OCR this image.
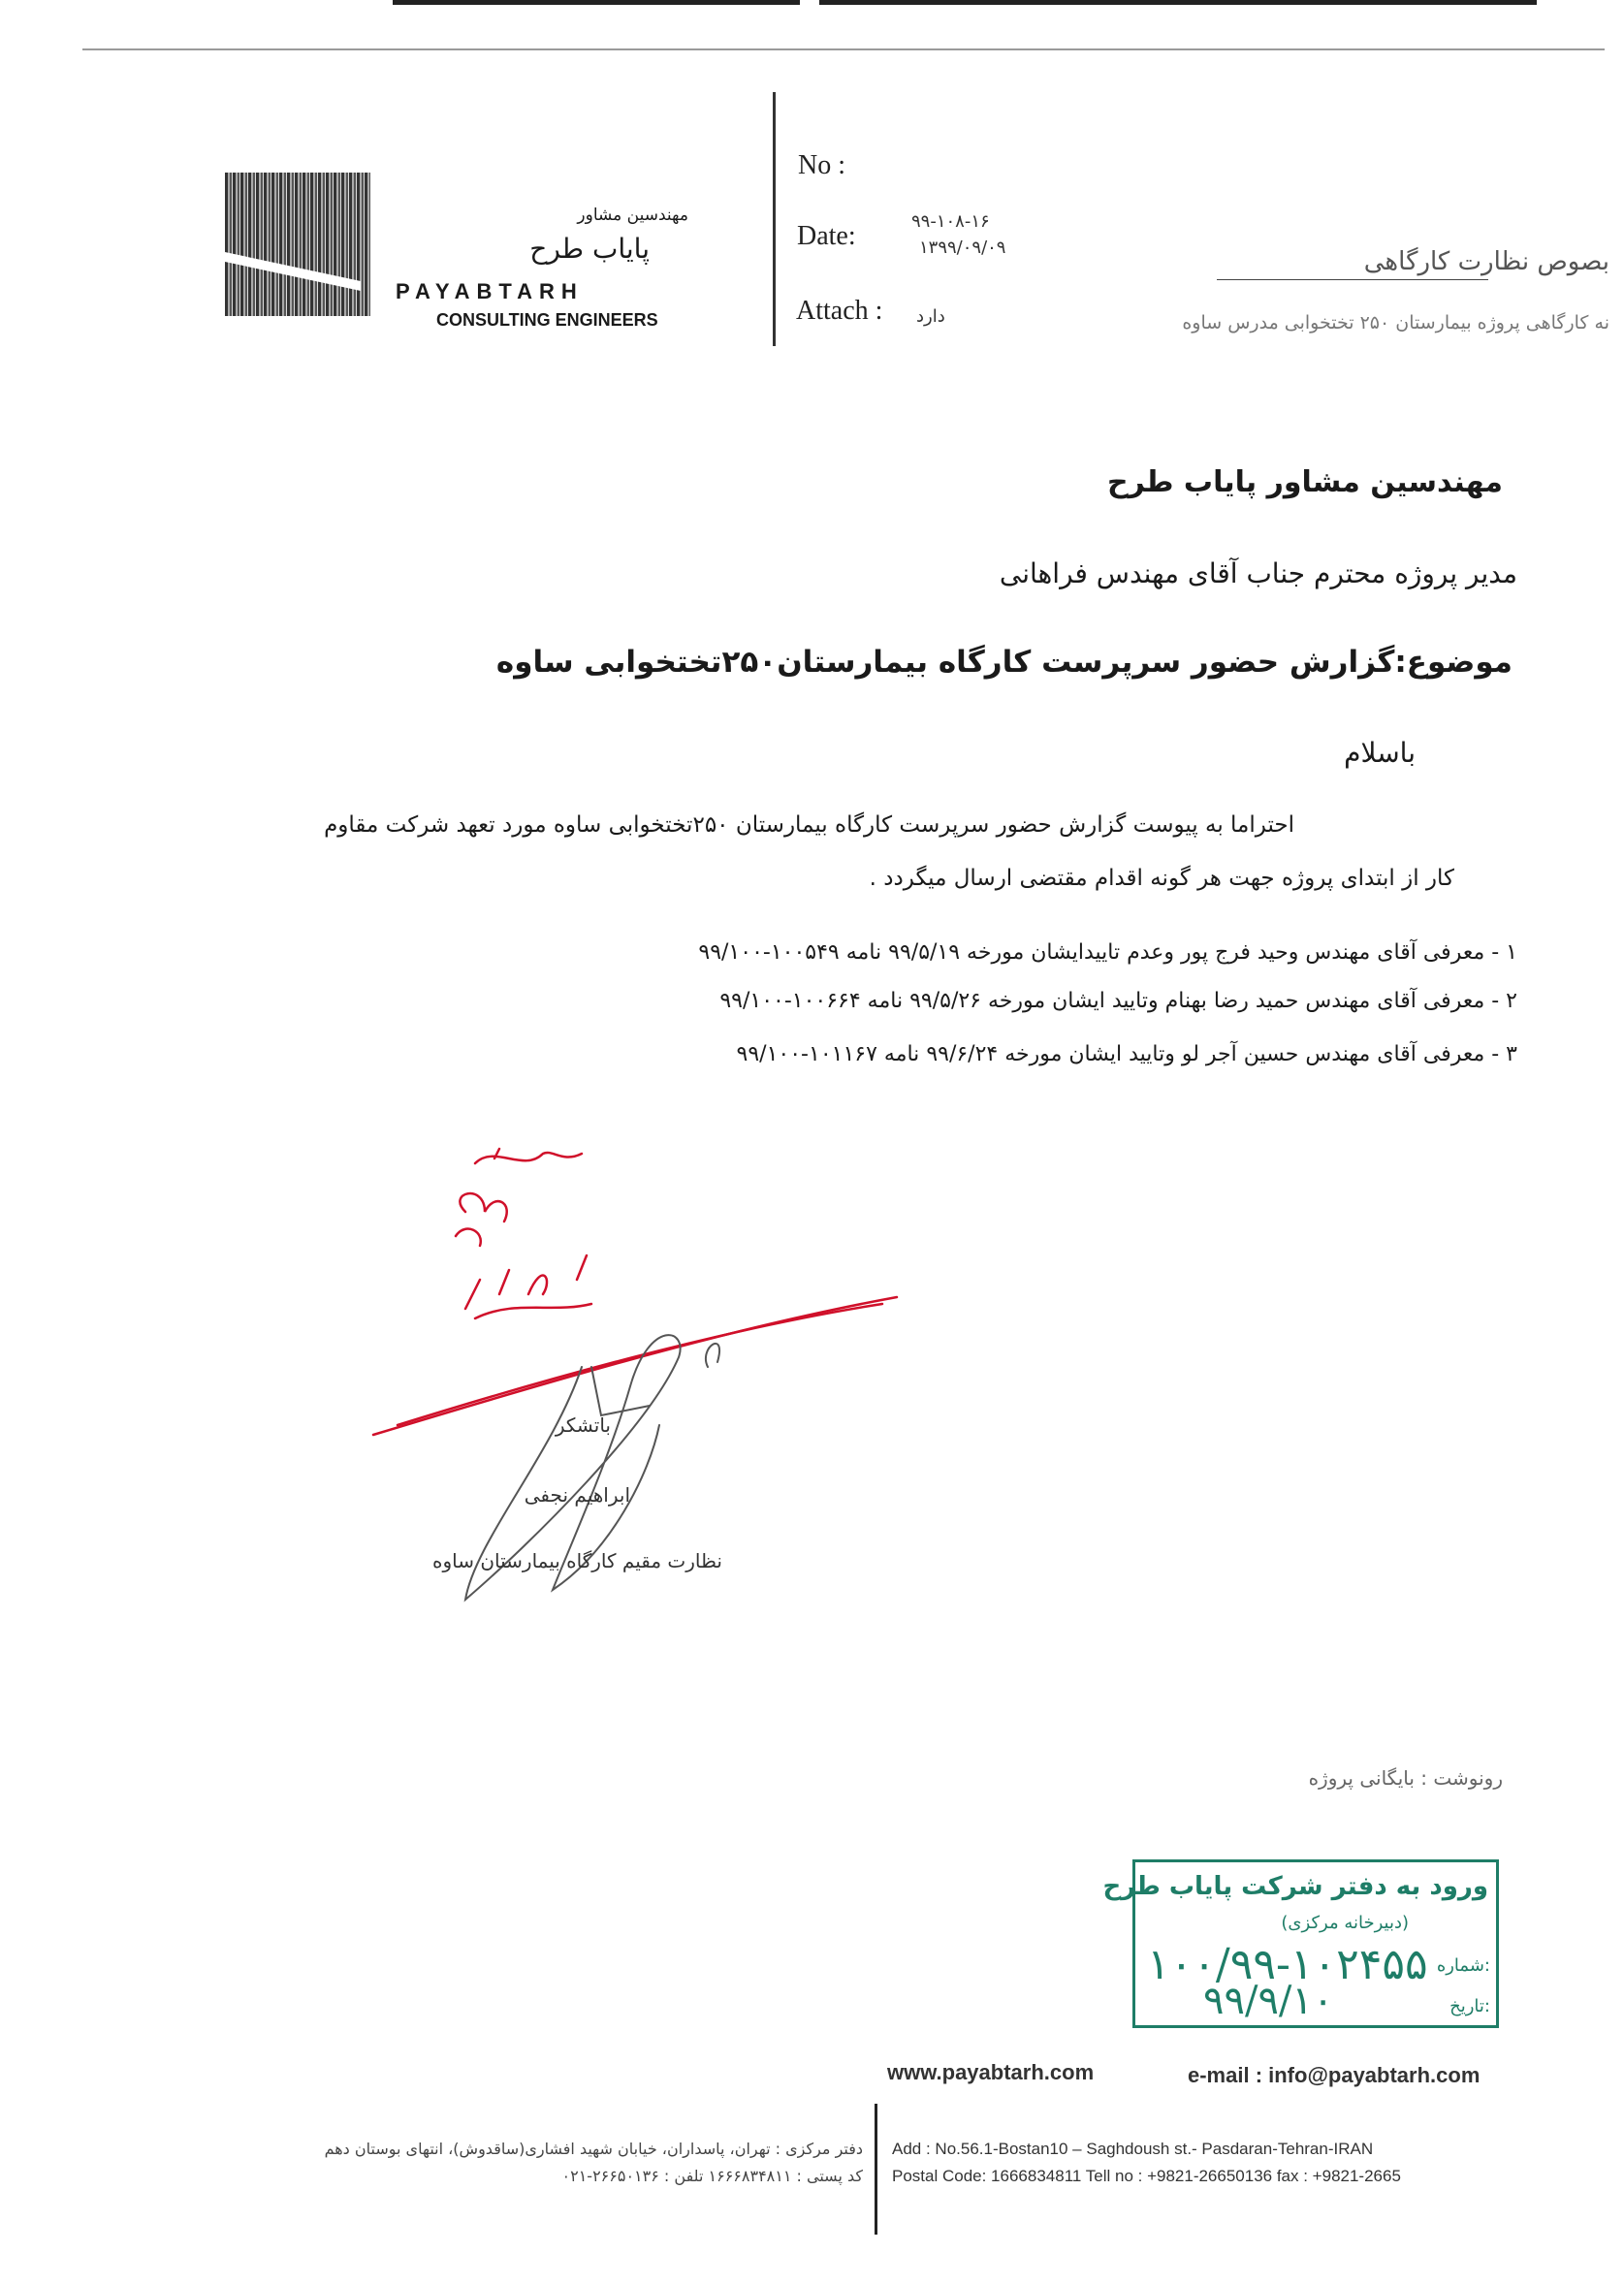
مهندسین مشاور
پایاب طرح
PAYABTARH
CONSULTING ENGINEERS
No :
Date:	۹۹-۱۰۸-۱۶
۱۳۹۹/۰۹/۰۹
Attach : دارد
بصوص نظارت کارگاهی
نه کارگاهی پروژه بیمارستان ۲۵۰ تختخوابی مدرس ساوه
مهندسین مشاور پایاب طرح
مدیر پروژه محترم جناب آقای مهندس فراهانی
موضوع:گزارش حضور سرپرست کارگاه بیمارستان۲۵۰تختخوابی ساوه
باسلام
احتراما به پیوست گزارش حضور سرپرست کارگاه بیمارستان ۲۵۰تختخوابی ساوه مورد تعهد شرکت مقاوم
کار از ابتدای پروژه جهت هر گونه اقدام مقتضی ارسال میگردد .
۱ - معرفی آقای مهندس وحید فرج پور وعدم تاییدایشان مورخه ۹۹/۵/۱۹ نامه ۱۰۰۵۴۹-۹۹/۱۰۰
۲ - معرفی آقای مهندس حمید رضا بهنام وتایید ایشان مورخه ۹۹/۵/۲۶ نامه ۱۰۰۶۶۴-۹۹/۱۰۰
۳ - معرفی آقای مهندس حسین آجر لو وتایید ایشان مورخه ۹۹/۶/۲۴ نامه ۱۰۱۱۶۷-۹۹/۱۰۰
باتشکر
ابراهیم نجفی
نظارت مقیم کارگاه بیمارستان ساوه
رونوشت : بایگانی پروژه
ورود به دفتر شرکت پایاب طرح
(دبیرخانه مرکزی)
شماره:
۱۰۰/۹۹-۱۰۲۴۵۵
تاریخ:
۹۹/۹/۱۰
www.payabtarh.com	e-mail : info@payabtarh.com
Add : No.56.1-Bostan10 – Saghdoush st.- Pasdaran-Tehran-IRAN
Postal Code: 1666834811 Tell no : +9821-26650136 fax : +9821-2665
دفتر مرکزی : تهران، پاسداران، خیابان شهید افشاری(ساقدوش)، انتهای بوستان دهم
کد پستی : ۱۶۶۶۸۳۴۸۱۱ تلفن : ۲۶۶۵۰۱۳۶-۰۲۱
